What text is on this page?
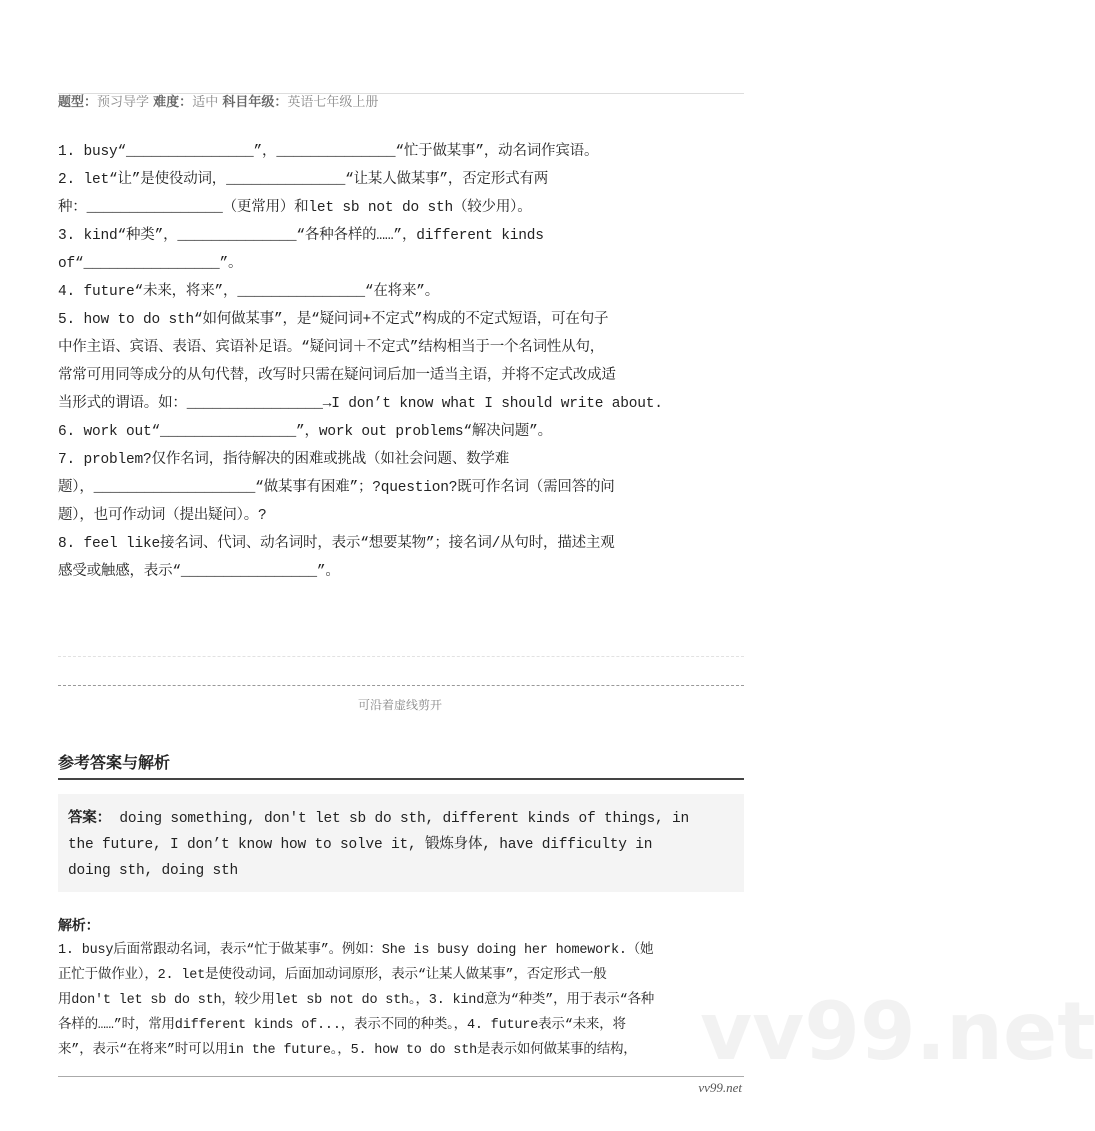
题型：预习导学 难度：适中 科目年级：英语七年级上册
1. busy“_______________”，______________“忙于做某事”，动名词作宾语。
2. let“让”是使役动词，______________“让某人做某事”，否定形式有两
种：________________（更常用）和let sb not do sth（较少用）。
3. kind“种类”，______________“各种各样的……”，different kinds
of“________________”。
4. future“未来，将来”，_______________“在将来”。
5. how to do sth“如何做某事”，是“疑问词+不定式”构成的不定式短语，可在句子
中作主语、宾语、表语、宾语补足语。“疑问词＋不定式”结构相当于一个名词性从句，
常常可用同等成分的从句代替，改写时只需在疑问词后加一适当主语，并将不定式改成适
当形式的谓语。如：________________→I don’t know what I should write about.
6. work out“________________”，work out problems“解决问题”。
7. problem?仅作名词，指待解决的困难或挑战（如社会问题、数学难
题），___________________“做某事有困难”；?question?既可作名词（需回答的问
题），也可作动词（提出疑问）。?
8. feel like接名词、代词、动名词时，表示“想要某物”；接名词/从句时，描述主观
感受或触感，表示“________________”。
可沿着虚线剪开
参考答案与解析
答案： doing something, don't let sb do sth, different kinds of things, in
the future, I don’t know how to solve it, 锻炼身体, have difficulty in
doing sth, doing sth
解析：
1. busy后面常跟动名词，表示“忙于做某事”。例如：She is busy doing her homework.（她
正忙于做作业），2. let是使役动词，后面加动词原形，表示“让某人做某事”，否定形式一般
用don't let sb do sth，较少用let sb not do sth。，3. kind意为“种类”，用于表示“各种
各样的……”时，常用different kinds of...，表示不同的种类。，4. future表示“未来，将
来”，表示“在将来”时可以用in the future。，5. how to do sth是表示如何做某事的结构， vv99.net
vv99.net
